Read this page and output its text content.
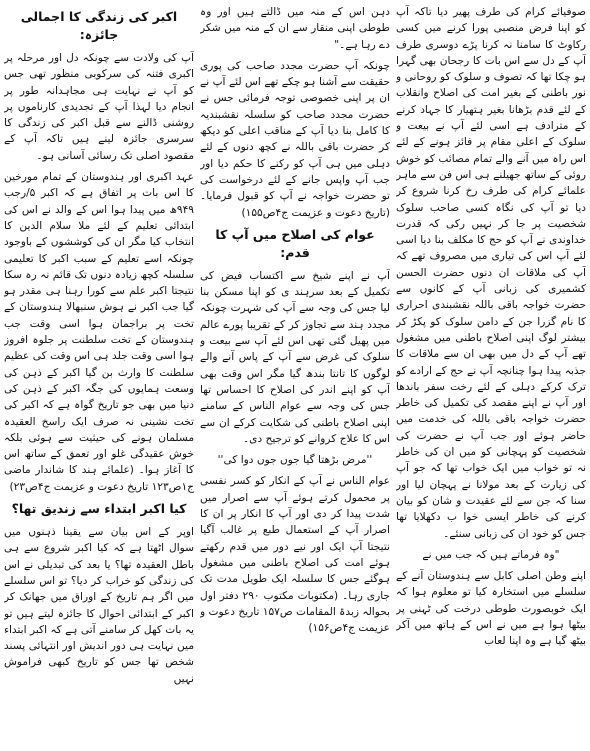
صوفیائے کرام کی طرف پھیر دیا تاکہ آپ کو اپنا فرض منصبی پورا کرنے میں کسی رکاوٹ کا سامنا نہ کرنا پڑے دوسری طرف آپ کے دل سے اس بات کا رجحان بھی گہرا ہو چکا تھا کہ تصوف و سلوک کو روحانی و نور باطنی کے بغیر امت کی اصلاح وانقلاب کے لئے قدم بڑھانا بغیر ہتھیار کا جہاد کرنے کے مترادف ہے اسی لئے آپ نے بیعت و سلوک کے اعلی مقام پر فائز ہونے کے لئے اس راہ میں آنے والے تمام مصائب کو خوش روئی کے ساتھ جھیلنے ہی اس فن سے ماہر علمائے کرام کی طرف رخ کرنا شروع کر دیا تو آپ کی نگاہ کسی صاحب سلوک شخصیت پر جا کر نہیں رکی کہ قدرت خداوندی نے آپ کو حج کا مکلف بنا دیا اسی لئے آپ اس کی تیاری میں مصروف تھے کہ آپ کی ملاقات ان دنوں حضرت الحسن کشمیری کی زبانی آپ کے کانوں سے حضرت خواجہ باقی باللہ نقشبندی احراری کا نام گزرا جن کے دامن سلوک کو پکڑ کر بیشتر لوگ اپنی اصلاح باطنی میں مشغول تھے آپ کے دل میں بھی ان سے ملاقات کا جذبہ پیدا ہوا چنانچہ آپ نے حج کے ارادے کو ترک کرکے دہلی کے لئے رخت سفر باندھا اور آپ نے اپنے مقصد کی تکمیل کی خاطر حضرت خواجہ باقی باللہ کی خدمت میں حاضر ہوئے اور جب آپ نے حضرت کی شخصیت کو پہچانی کو میں ان کی خاطر نہ تو خواب میں ایک خواب تھا کہ جو آپ کی زیارت کے بعد مولانا نے پہچان لیا اور سنا کہ جن سے لئے عقیدت و شان کو بیان کرنے کی خاطر ایسی خوا ب دکھلایا تھا جس کو خود ان کی زبانی سنئے۔

"وہ فرماتے ہیں کہ جب میں نے

اپنے وطن اصلی کابل سے ہندوستان آنے کے سلسلے میں استخارہ کیا تو معلوم ہوا کہ ایک خوبصورت طوطی درخت کی ٹہنی پر بیٹھا ہوا ہے میں نے اس کے ہاتھ میں آکر بیٹھ گیا ہے وہ اپنا لعاب

دہن اس کے منہ میں ڈالتے ہیں اور وہ طوطی اپنی منقار سے ان کے منہ میں شکر دے رہا ہے۔"

چونکہ آپ حضرت مجدد صاحب کی پوری حقیقت سے آشنا ہو چکے تھے اس لئے آپ نے ان پر اپنی خصوصی توجہ فرمائی جس نے حضرت مجدد صاحب کو سلسلہ نقشبندیہ کا کامل بنا دیا آپ کے مناقب اعلی کو دیکھ کر حضرت باقی باللہ نے کچھ دنوں کے لئے دہلی میں ہی آپ کو رکنے کا حکم دیا اور جب آپ واپس جانے کے لئے درخواست کی تو حضرت خواجہ نے آپ کو قبول فرمایا۔ (تاریخ دعوت و عزیمت ج۴ص۱۵۵)

عوام کی اصلاح میں آپ کا قدم:

آپ نے اپنے شیخ سے اکتساب فیض کی تکمیل کے بعد سرہند ی کو اپنا مسکن بنا لیا جس کی وجہ سے آپ کی شہرت چونکہ مجدد ہند سے تجاوز کر کے تقریبا پورے عالم میں پھیل گئی تھی اس لئے آپ سے بیعت و سلوک کی غرض سے آپ کے پاس آنے والے لوگوں کا تانتا بندھ گیا مگر اس وقت بھی آپ کو اپنے اندر کی اصلاح کا احساس تھا جس کی وجہ سے عوام الناس کے سامنے اپنی اصلاح باطنی کی شکایت کرکے ان سے اس کا علاج کروانے کو ترجیح دی۔

''مرض بڑھتا گیا جوں جوں دوا کی''

عوام الناس نے آپ کے انکار کو کسر نفسی پر محمول کرتے ہوئے آپ سے اصرار میں شدت پیدا کر دی اور آپ کا انکار پر ان کا اصرار آپ کے استعمال طبع پر غالب آگیا نتیجتا آپ ایک اور نیے دور میں قدم رکھتے ہوئے امت کی اصلاح باطنی میں مشغول ہوگئے جس کا سلسلہ ایک طویل مدت تک جاری رہا۔ (مکتوبات مکتوب ۲۹۰ دفتر اول بحوالہ زبدۃ المقامات ص۱۵۷ تاریخ دعوت و عزیمت ج۴ص۱۵۶)

اکبر کی زندگی کا اجمالی جائزہ:

آپ کی ولادت سے چونکہ دل اور مرحلہ پر اکبری فتنہ کی سرکوبی منظور تھی جس کو آپ نے نہایت ہی مجاہدانہ طور پر انجام دیا لہذا آپ کے تجدیدی کارناموں پر روشنی ڈالنے سے قبل اکبر کی زندگی کا سرسری جائزہ لینے ہیں تاکہ آپ کے مقصود اصلی تک رسائی آسانی ہو۔

عہد اکبری اور ہندوستان کے تمام مورخین کا اس بات پر اتفاق ہے کہ اکبر ۵/رجب ۹۴۹ھ میں پیدا ہوا اس کے والد نے اس کی ابتدائی تعلیم کے لئے ملا سلام الدین کا انتخاب کیا مگر ان کی کوششوں کے باوجود چونکہ اسے تعلیم کے سبب اکبر کا تعلیمی سلسلہ کچھ زیادہ دنوں تک قائم نہ رہ سکا نتیجتا اکبر علم سے کورا رہنا ہی مقدر ہو گیا جب اکبر نے ہوش سنبھالا ہندوستان کے تخت پر براجمان ہوا اسی وقت جب ہندوستان کے تخت سلطنت پر جلوہ افروز ہوا اسی وقت جلد ہی اس وقت کی عظیم سلطنت کا وارث بن گیا اکبر کے ذہن کی وسعت ہمایوں کی جگہ اکبر کے ذہن کی دنیا میں بھی جو تاریخ گواہ ہے کہ اکبر کی تخت نشینی نہ صرف ایک راسخ العقیدہ مسلمان ہونے کی حیثیت سے ہوئی بلکہ خوش عقیدگی غلو اور تعمق کے ساتھ اس کا آغاز ہوا۔ (علمائے ہند کا شاندار ماضی ج۱ص۱۲۳ تاریخ دعوت و عزیمت ج۴ص۲۳)

کیا اکبر ابتداء سے زندیق تھا؟

اوپر کے اس بیان سے یقینا ذہنوں میں سوال اٹھتا ہے کہ کیا اکبر شروع سے ہی باطل العقیدہ تھا؟ یا بعد کی تبدیلی نے اس کی زندگی کو خراب کر دیا؟ تو اس سلسلے میں اگر ہم تاریخ کے اوراق میں جھانک کر اکبر کے ابتدائی احوال کا جائزہ لیتے ہیں تو یہ بات کھل کر سامنے آتی ہے کہ اکبر ابتداء میں نہایت ہی دور اندیش اور انتہائی پسند شخص تھا جس کو تاریخ کبھی فراموش نہیں
